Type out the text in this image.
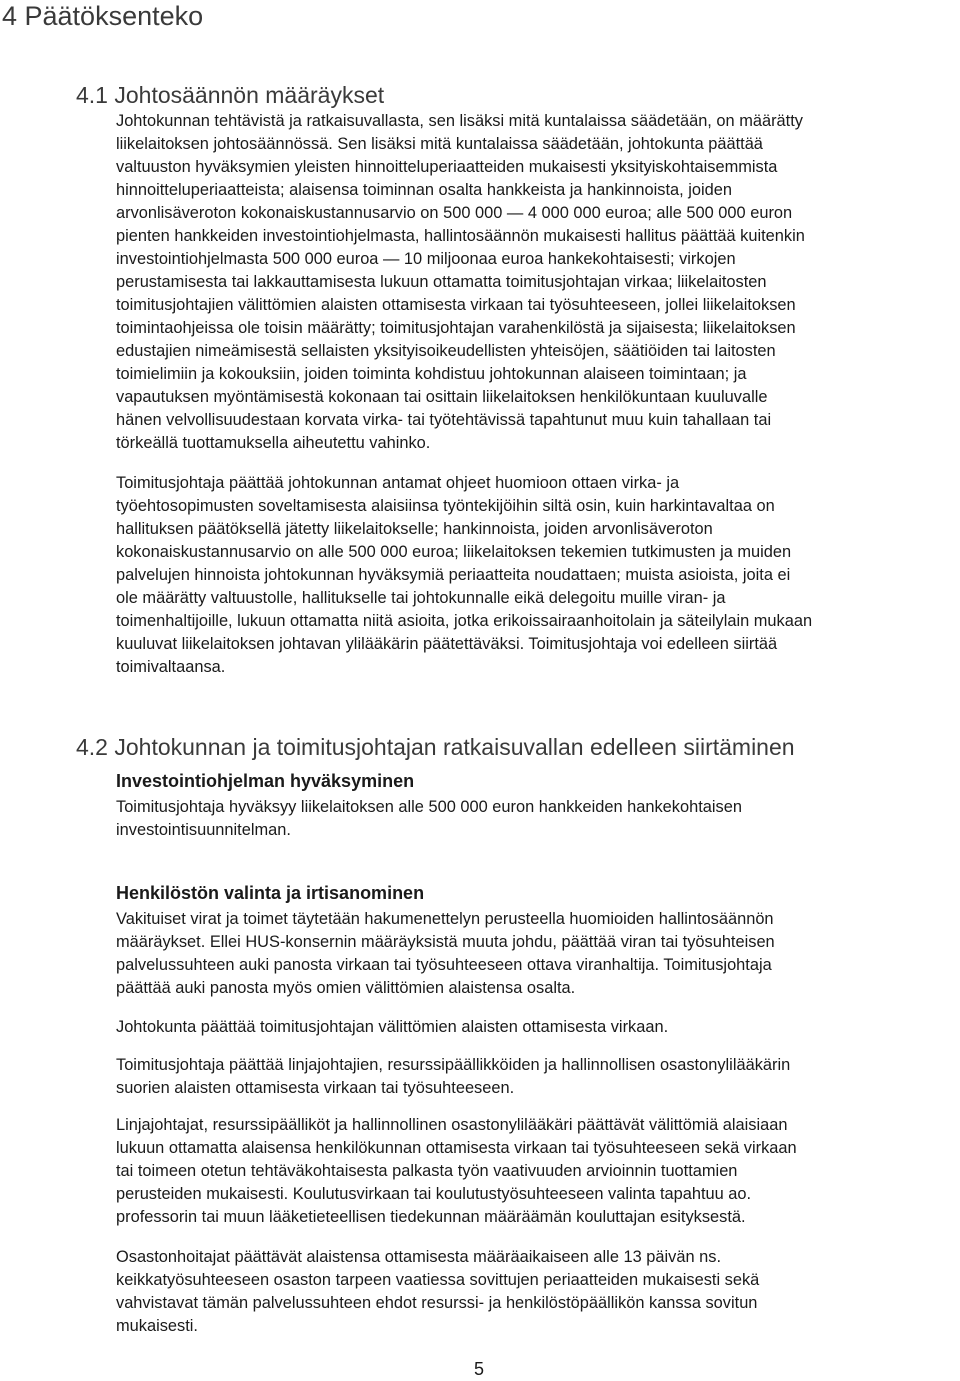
4 Päätöksenteko
4.1 Johtosäännön määräykset

Johtokunnan tehtävistä ja ratkaisuvallasta, sen lisäksi mitä kuntalaissa säädetään, on määrätty
liikelaitoksen johtosäännössä. Sen lisäksi mitä kuntalaissa säädetään, johtokunta päättää
valtuuston hyväksymien yleisten hinnoitteluperiaatteiden mukaisesti yksityiskohtaisemmista
hinnoitteluperiaatteista; alaisensa toiminnan osalta hankkeista ja hankinnoista, joiden
arvonlisäveroton kokonaiskustannusarvio on 500 000 — 4 000 000 euroa; alle 500 000 euron
pienten hankkeiden investointiohjelmasta, hallintosäännön mukaisesti hallitus päättää kuitenkin
investointiohjelmasta 500 000 euroa — 10 miljoonaa euroa hankekohtaisesti; virkojen
perustamisesta tai lakkauttamisesta lukuun ottamatta toimitusjohtajan virkaa; liikelaitosten
toimitusjohtajien välittömien alaisten ottamisesta virkaan tai työsuhteeseen, jollei liikelaitoksen
toimintaohjeissa ole toisin määrätty; toimitusjohtajan varahenkilöstä ja sijaisesta; liikelaitoksen
edustajien nimeämisestä sellaisten yksityisoikeudellisten yhteisöjen, säätiöiden tai laitosten
toimielimiin ja kokouksiin, joiden toiminta kohdistuu johtokunnan alaiseen toimintaan; ja
vapautuksen myöntämisestä kokonaan tai osittain liikelaitoksen henkilökuntaan kuuluvalle
hänen velvollisuudestaan korvata virka- tai työtehtävissä tapahtunut muu kuin tahallaan tai
törkeällä tuottamuksella aiheutettu vahinko.

Toimitusjohtaja päättää johtokunnan antamat ohjeet huomioon ottaen virka- ja
työehtosopimusten soveltamisesta alaisiinsa työntekijöihin siltä osin, kuin harkintavaltaa on
hallituksen päätöksellä jätetty liikelaitokselle; hankinnoista, joiden arvonlisäveroton
kokonaiskustannusarvio on alle 500 000 euroa; liikelaitoksen tekemien tutkimusten ja muiden
palvelujen hinnoista johtokunnan hyväksymiä periaatteita noudattaen; muista asioista, joita ei
ole määrätty valtuustolle, hallitukselle tai johtokunnalle eikä delegoitu muille viran- ja
toimenhaltijoille, lukuun ottamatta niitä asioita, jotka erikoissairaanhoitolain ja säteilylain mukaan
kuuluvat liikelaitoksen johtavan ylilääkärin päätettäväksi. Toimitusjohtaja voi edelleen siirtää
toimivaltaansa.

4.2 Johtokunnan ja toimitusjohtajan ratkaisuvallan edelleen siirtäminen
Investointiohjelman hyväksyminen

Toimitusjohtaja hyväksyy liikelaitoksen alle 500 000 euron hankkeiden hankekohtaisen
investointisuunnitelman.

Henkilöstön valinta ja irtisanominen

Vakituiset virat ja toimet täytetään hakumenettelyn perusteella huomioiden hallintosäännön
määräykset. Ellei HUS-konsernin määräyksistä muuta johdu, päättää viran tai työsuhteisen
palvelussuhteen auki panosta virkaan tai työsuhteeseen ottava viranhaltija. Toimitusjohtaja
päättää auki panosta myös omien välittömien alaistensa osalta.

Johtokunta päättää toimitusjohtajan välittömien alaisten ottamisesta virkaan.

Toimitusjohtaja päättää linjajohtajien, resurssipäällikköiden ja hallinnollisen osastonylilääkärin
suorien alaisten ottamisesta virkaan tai työsuhteeseen.

Linjajohtajat, resurssipäälliköt ja hallinnollinen osastonylilääkäri päättävät välittömiä alaisiaan
lukuun ottamatta alaisensa henkilökunnan ottamisesta virkaan tai työsuhteeseen sekä virkaan
tai toimeen otetun tehtäväkohtaisesta palkasta työn vaativuuden arvioinnin tuottamien
perusteiden mukaisesti. Koulutusvirkaan tai koulutustyösuhteeseen valinta tapahtuu ao.
professorin tai muun lääketieteellisen tiedekunnan määräämän kouluttajan esityksestä.

Osastonhoitajat päättävät alaistensa ottamisesta määräaikaiseen alle 13 päivän ns.
keikkatyösuhteeseen osaston tarpeen vaatiessa sovittujen periaatteiden mukaisesti sekä
vahvistavat tämän palvelussuhteen ehdot resurssi- ja henkilöstöpäällikön kanssa sovitun
mukaisesti.

5
